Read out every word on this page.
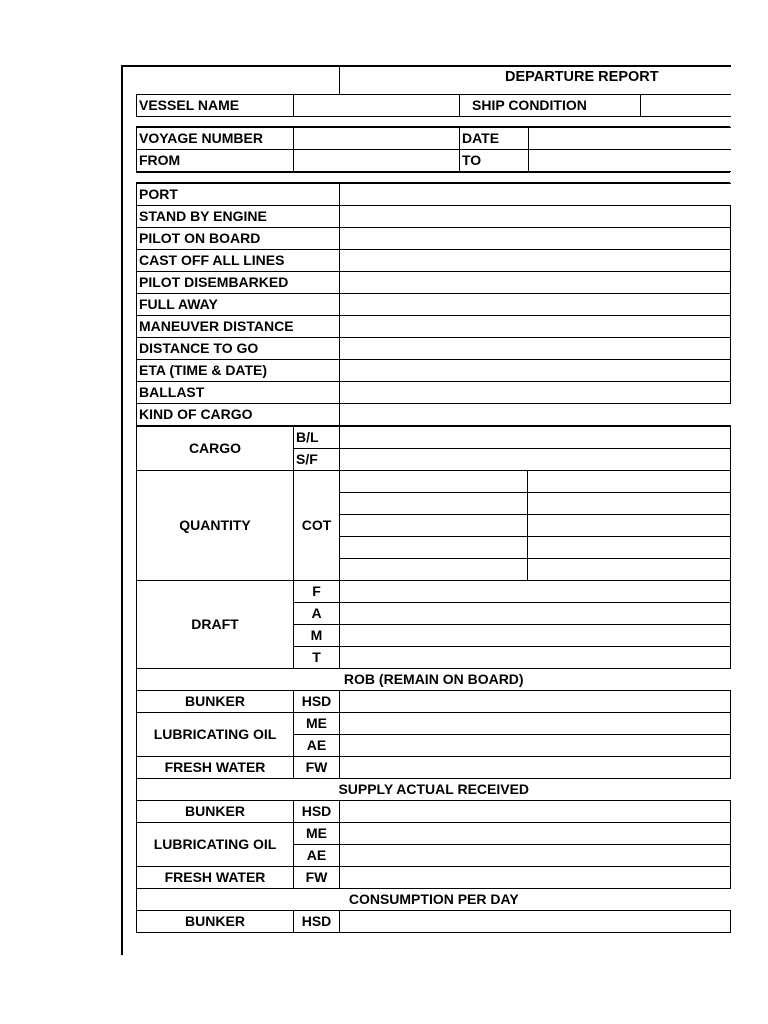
DEPARTURE REPORT
VESSEL NAME		SHIP CONDITION	
VOYAGE NUMBER		DATE	
FROM		TO	
PORT	
STAND BY ENGINE	
PILOT ON BOARD	
CAST OFF ALL LINES	
PILOT DISEMBARKED	
FULL AWAY	
MANEUVER DISTANCE	
DISTANCE TO GO	
ETA (TIME & DATE)	
BALLAST	
KIND OF CARGO	
CARGO	B/L		
	S/F		
QUANTITY	COT		

DRAFT	F		
	A		
	M		
	T		
ROB (REMAIN ON BOARD)			
BUNKER	HSD		
LUBRICATING OIL	ME		
	AE		
FRESH WATER	FW		
SUPPLY ACTUAL RECEIVED			
BUNKER	HSD		
LUBRICATING OIL	ME		
	AE		
FRESH WATER	FW		
CONSUMPTION PER DAY			
BUNKER	HSD		
